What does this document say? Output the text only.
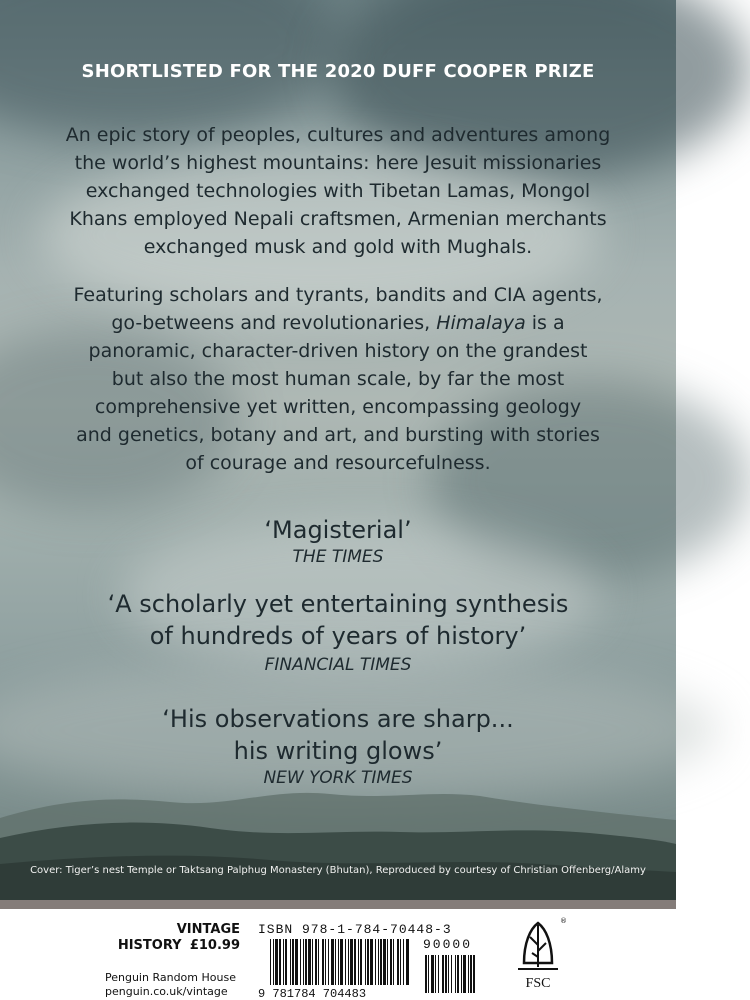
SHORTLISTED FOR THE 2020 DUFF COOPER PRIZE
An epic story of peoples, cultures and adventures among
the world’s highest mountains: here Jesuit missionaries
exchanged technologies with Tibetan Lamas, Mongol
Khans employed Nepali craftsmen, Armenian merchants
exchanged musk and gold with Mughals.
Featuring scholars and tyrants, bandits and CIA agents,
go-betweens and revolutionaries, Himalaya is a
panoramic, character-driven history on the grandest
but also the most human scale, by far the most
comprehensive yet written, encompassing geology
and genetics, botany and art, and bursting with stories
of courage and resourcefulness.
‘Magisterial’
THE TIMES
‘A scholarly yet entertaining synthesis
of hundreds of years of history’
FINANCIAL TIMES
‘His observations are sharp...
his writing glows’
NEW YORK TIMES
Cover: Tiger’s nest Temple or Taktsang Palphug Monastery (Bhutan), Reproduced by courtesy of Christian Offenberg/Alamy
VINTAGE
HISTORY £10.99
Penguin Random House
penguin.co.uk/vintage
ISBN 978-1-784-70448-3
9 781784 704483
90000
FSC
®
